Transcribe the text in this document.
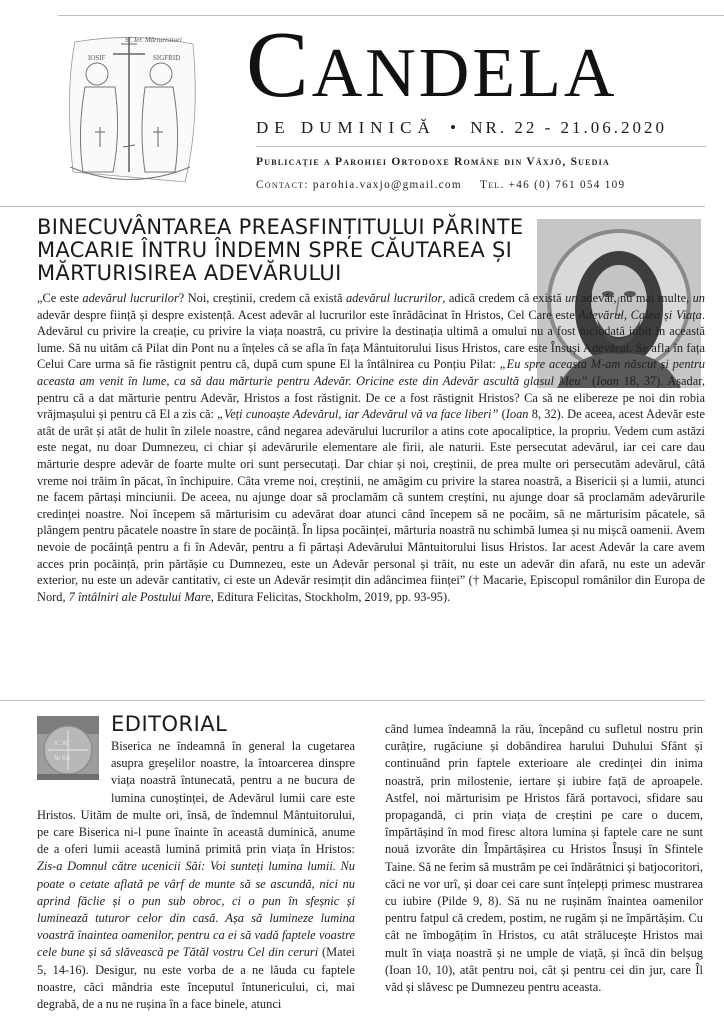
Sf. Ier. Mărturisitori
IOSIF	SIGFRID CANDELA
DE DUMINICĂ • NR. 22 - 21.06.2020
Publicație a Parohiei Ortodoxe Române din Växjö, Suedia
Contact: parohia.vaxjo@gmail.com Tel. +46 (0) 761 054 109
BINECUVÂNTAREA PREASFINȚITULUI PĂRINTE MACARIE ÎNTRU ÎNDEMN SPRE CĂUTAREA ȘI MĂRTURISIREA ADEVĂRULUI
„Ce este adevărul lucrurilor? Noi, creștinii, credem că există adevărul lucrurilor, adică credem că există un adevăr, nu mai multe, un adevăr despre ființă și despre existență. Acest adevăr al lucrurilor este înrădăcinat în Hristos, Cel Care este Adevărul, Calea și Viața. Adevărul cu privire la creație, cu privire la viața noastră, cu privire la destinația ultimă a omului nu a fost niciodată iubit în această lume. Să nu uităm că Pilat din Pont nu a înțeles că se afla în fața Mântuitorului Iisus Hristos, care este Însuși Adevărul. Se afla în fața Celui Care urma să fie răstignit pentru că, după cum spune El la întâlnirea cu Ponțiu Pilat: „Eu spre aceasta M-am născut și pentru aceasta am venit în lume, ca să dau mărturie pentru Adevăr. Oricine este din Adevăr ascultă glasul Meu” (Ioan 18, 37). Așadar, pentru că a dat mărturie pentru Adevăr, Hristos a fost răstignit. De ce a fost răstignit Hristos? Ca să ne elibereze pe noi din robia vrăjmașului și pentru că El a zis că: „Veți cunoaște Adevărul, iar Adevărul vă va face liberi” (Ioan 8, 32). De aceea, acest Adevăr este atât de urât și atât de hulit în zilele noastre, când negarea adevărului lucrurilor a atins cote apocaliptice, la propriu. Vedem cum astăzi este negat, nu doar Dumnezeu, ci chiar și adevărurile elementare ale firii, ale naturii. Este persecutat adevărul, iar cei care dau mărturie despre adevăr de foarte multe ori sunt persecutați. Dar chiar și noi, creștinii, de prea multe ori persecutăm adevărul, câtă vreme noi trăim în păcat, în închipuire. Câta vreme noi, creștinii, ne amăgim cu privire la starea noastră, a Bisericii și a lumii, atunci ne facem părtași minciunii. De aceea, nu ajunge doar să proclamăm că suntem creștini, nu ajunge doar să proclamăm adevărurile credinței noastre. Noi începem să mărturisim cu adevărat doar atunci când începem să ne pocăim, să ne mărturisim păcatele, să plângem pentru păcatele noastre în stare de pocăință. În lipsa pocăinței, mărturia noastră nu schimbă lumea și nu mișcă oamenii. Avem nevoie de pocăință pentru a fi în Adevăr, pentru a fi părtași Adevărului Mântuitorului Iisus Hristos. Iar acest Adevăr la care avem acces prin pocăință, prin părtășie cu Dumnezeu, este un Adevăr personal și trăit, nu este un adevăr din afară, nu este un adevăr exterior, nu este un adevăr cantitativ, ci este un Adevăr resimțit din adâncimea ființei” († Macarie, Episcopul românilor din Europa de Nord, 7 întâlniri ale Postului Mare, Editura Felicitas, Stockholm, 2019, pp. 93-95).
IC XC
NI KA
EDITORIAL
Biserica ne îndeamnă în general la cugetarea asupra greșelilor noastre, la întoarcerea dinspre viața noastră întunecată, pentru a ne bucura de lumina cunoștinței, de Adevărul lumii care este Hristos. Uităm de multe ori, însă, de îndemnul Mântuitorului, pe care Biserica ni-l pune înainte în această duminică, anume de a oferi lumii această lumină primită prin viața în Hristos: Zis-a Domnul către ucenicii Săi: Voi sunteți lumina lumii. Nu poate o cetate aflată pe vârf de munte să se ascundă, nici nu aprind făclie și o pun sub obroc, ci o pun în sfeșnic și luminează tuturor celor din casă. Așa să lumineze lumina voastră înaintea oamenilor, pentru ca ei să vadă faptele voastre cele bune și să slăvească pe Tătăl vostru Cel din ceruri (Matei 5, 14-16). Desigur, nu este vorba de a ne lăuda cu faptele noastre, căci mândria este începutul întunericului, ci, mai degrabă, de a nu ne rușina în a face binele, atunci
când lumea îndeamnă la rău, începând cu sufletul nostru prin curățire, rugăciune și dobândirea harului Duhului Sfânt și continuând prin faptele exterioare ale credinței din inima noastră, prin milostenie, iertare și iubire față de aproapele. Astfel, noi mărturisim pe Hristos fără portavoci, sfidare sau propagandă, ci prin viața de creștini pe care o ducem, împărtășind în mod firesc altora lumina și faptele care ne sunt nouă izvorâte din Împărtășirea cu Hristos Însuși în Sfintele Taine. Să ne ferim să mustrăm pe cei îndărătnici și batjocoritori, căci ne vor urî, și doar cei care sunt înțelepți primesc mustrarea cu iubire (Pilde 9, 8). Să nu ne rușinăm înaintea oamenilor pentru fatpul că credem, postim, ne rugăm și ne împărtășim. Cu cât ne îmbogățim în Hristos, cu atât strălucește Hristos mai mult în viața noastră și ne umple de viață, și încă din belșug (Ioan 10, 10), atât pentru noi, cât și pentru cei din jur, care Îl văd și slăvesc pe Dumnezeu pentru aceasta.
